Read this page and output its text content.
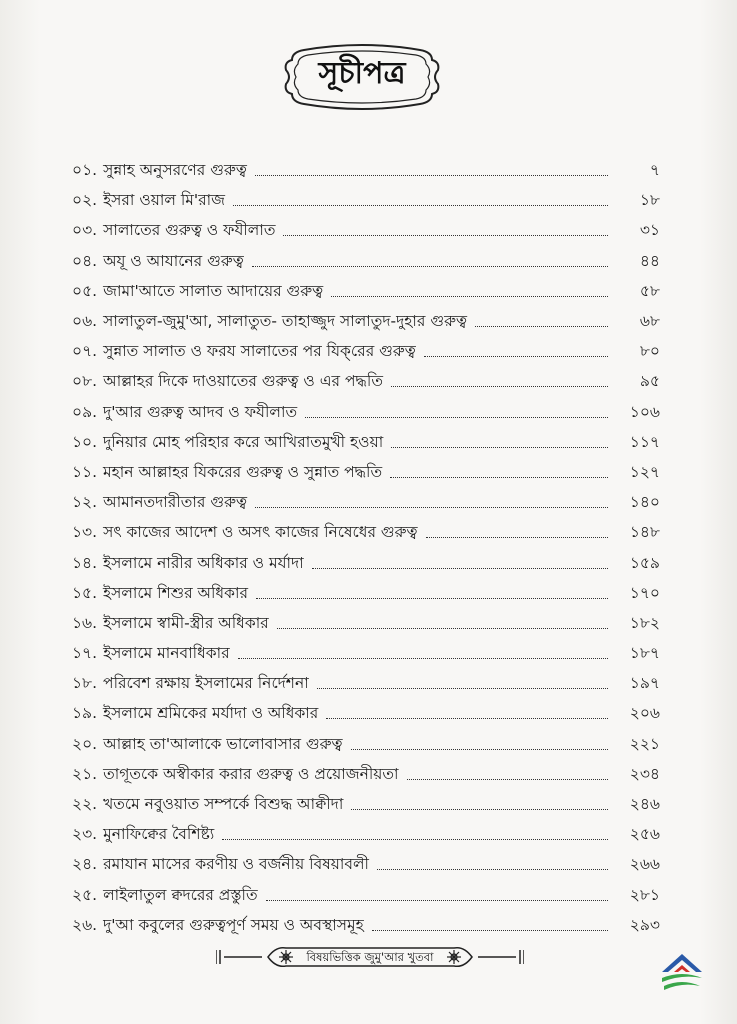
সূচীপত্র
০১. সুন্নাহ অনুসরণের গুরুত্ব	৭
০২. ইসরা ওয়াল মি'রাজ	১৮
০৩. সালাতের গুরুত্ব ও ফযীলাত	৩১
০৪. অযূ ও আযানের গুরুত্ব	৪৪
০৫. জামা'আতে সালাত আদায়ের গুরুত্ব	৫৮
০৬. সালাতুল-জুমু'আ, সালাতুত- তাহাজ্জুদ সালাতুদ-দুহার গুরুত্ব	৬৮
০৭. সুন্নাত সালাত ও ফরয সালাতের পর যিক্‌রের গুরুত্ব	৮০
০৮. আল্লাহর দিকে দাওয়াতের গুরুত্ব ও এর পদ্ধতি	৯৫
০৯. দু'আর গুরুত্ব আদব ও ফযীলাত	১০৬
১০. দুনিয়ার মোহ পরিহার করে আখিরাতমুখী হওয়া	১১৭
১১. মহান আল্লাহর যিকরের গুরুত্ব ও সুন্নাত পদ্ধতি	১২৭
১২. আমানতদারীতার গুরুত্ব	১৪০
১৩. সৎ কাজের আদেশ ও অসৎ কাজের নিষেধের গুরুত্ব	১৪৮
১৪. ইসলামে নারীর অধিকার ও মর্যাদা	১৫৯
১৫. ইসলামে শিশুর অধিকার	১৭০
১৬. ইসলামে স্বামী-স্ত্রীর অধিকার	১৮২
১৭. ইসলামে মানবাধিকার	১৮৭
১৮. পরিবেশ রক্ষায় ইসলামের নির্দেশনা	১৯৭
১৯. ইসলামে শ্রমিকের মর্যাদা ও অধিকার	২০৬
২০. আল্লাহ তা'আলাকে ভালোবাসার গুরুত্ব	২২১
২১. তাগূতকে অস্বীকার করার গুরুত্ব ও প্রয়োজনীয়তা	২৩৪
২২. খতমে নবুওয়াত সম্পর্কে বিশুদ্ধ আক্বীদা	২৪৬
২৩. মুনাফিক্বের বৈশিষ্ট্য	২৫৬
২৪. রমাযান মাসের করণীয় ও বর্জনীয় বিষয়াবলী	২৬৬
২৫. লাইলাতুল ক্বদরের প্রস্তুতি	২৮১
২৬. দু'আ কবুলের গুরুত্বপূর্ণ সময় ও অবস্থাসমূহ	২৯৩
বিষয়ভিত্তিক জুমু'আর খুতবা
